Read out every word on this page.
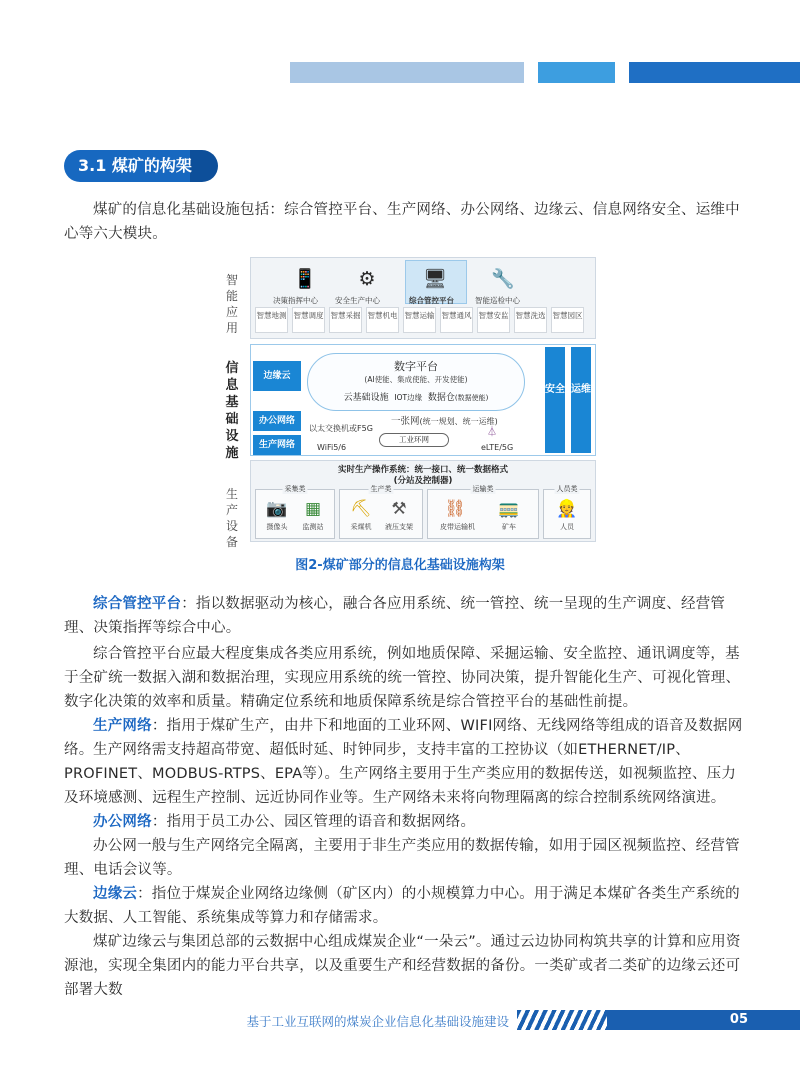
3.1 煤矿的构架
煤矿的信息化基础设施包括：综合管控平台、生产网络、办公网络、边缘云、信息网络安全、运维中心等六大模块。
智能应用
信息基础设施
生产设备
📱 ⚙ 🖥 🔧
决策指挥中心 安全生产中心	综合管控平台	智能巡检中心
智慧地测 智慧调度 智慧采掘 智慧机电 智慧运输 智慧通风 智慧安监 智慧洗选 智慧园区
边缘云
办公网络
生产网络
数字平台
(AI使能、集成使能、开发使能)
云基础设施 IOT边缘 数据仓(数据使能)
安全 运维
一张网(统一规划、统一运维)
以太交换机或F5G
WiFi5/6
工业环网
⏃
eLTE/5G
实时生产操作系统：统一接口、统一数据格式
(分站及控制器)
采集类
📷
摄像头
▦
监测站
生产类
⛏
采煤机
⚒
液压支架
运输类
⛓
皮带运输机
🚃
矿车
人员类
👷
人员
图2-煤矿部分的信息化基础设施构架
综合管控平台：指以数据驱动为核心，融合各应用系统、统一管控、统一呈现的生产调度、经营管理、决策指挥等综合中心。
综合管控平台应最大程度集成各类应用系统，例如地质保障、采掘运输、安全监控、通讯调度等，基于全矿统一数据入湖和数据治理，实现应用系统的统一管控、协同决策，提升智能化生产、可视化管理、数字化决策的效率和质量。精确定位系统和地质保障系统是综合管控平台的基础性前提。
生产网络：指用于煤矿生产，由井下和地面的工业环网、WIFI网络、无线网络等组成的语音及数据网络。 生产网络需支持超高带宽、超低时延、时钟同步，支持丰富的工控协议（如ETHERNET/IP、PROFINET、MODBUS-RTPS、EPA等）。生产网络主要用于生产类应用的数据传送，如视频监控、压力及环境感测、远程生产控制、远近协同作业等。生产网络未来将向物理隔离的综合控制系统网络演进。
办公网络：指用于员工办公、园区管理的语音和数据网络。
办公网一般与生产网络完全隔离，主要用于非生产类应用的数据传输，如用于园区视频监控、经营管理、电话会议等。
边缘云：指位于煤炭企业网络边缘侧（矿区内）的小规模算力中心。用于满足本煤矿各类生产系统的大数据、人工智能、系统集成等算力和存储需求。
煤矿边缘云与集团总部的云数据中心组成煤炭企业“一朵云”。通过云边协同构筑共享的计算和应用资源池，实现全集团内的能力平台共享，以及重要生产和经营数据的备份。一类矿或者二类矿的边缘云还可部署大数
基于工业互联网的煤炭企业信息化基础设施建设	05
